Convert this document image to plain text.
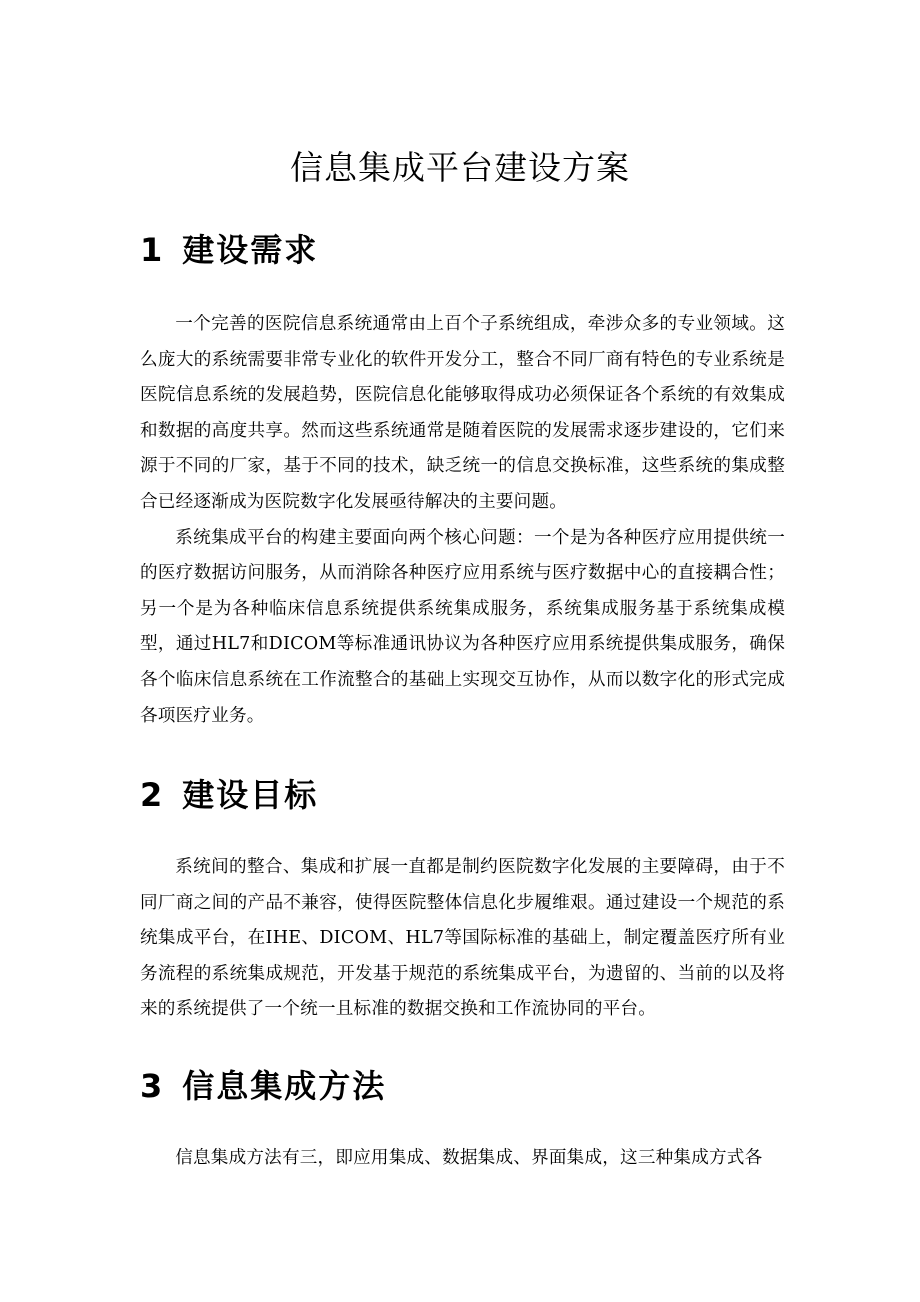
信息集成平台建设方案
1 建设需求

一个完善的医院信息系统通常由上百个子系统组成，牵涉众多的专业领域。这么庞大的系统需要非常专业化的软件开发分工，整合不同厂商有特色的专业系统是医院信息系统的发展趋势，医院信息化能够取得成功必须保证各个系统的有效集成和数据的高度共享。然而这些系统通常是随着医院的发展需求逐步建设的，它们来源于不同的厂家，基于不同的技术，缺乏统一的信息交换标准，这些系统的集成整合已经逐渐成为医院数字化发展亟待解决的主要问题。

系统集成平台的构建主要面向两个核心问题：一个是为各种医疗应用提供统一的医疗数据访问服务，从而消除各种医疗应用系统与医疗数据中心的直接耦合性；另一个是为各种临床信息系统提供系统集成服务，系统集成服务基于系统集成模型，通过HL7和DICOM等标准通讯协议为各种医疗应用系统提供集成服务，确保各个临床信息系统在工作流整合的基础上实现交互协作，从而以数字化的形式完成各项医疗业务。

2 建设目标

系统间的整合、集成和扩展一直都是制约医院数字化发展的主要障碍，由于不同厂商之间的产品不兼容，使得医院整体信息化步履维艰。通过建设一个规范的系统集成平台，在IHE、DICOM、HL7等国际标准的基础上，制定覆盖医疗所有业务流程的系统集成规范，开发基于规范的系统集成平台，为遗留的、当前的以及将来的系统提供了一个统一且标准的数据交换和工作流协同的平台。

3 信息集成方法

信息集成方法有三，即应用集成、数据集成、界面集成，这三种集成方式各
